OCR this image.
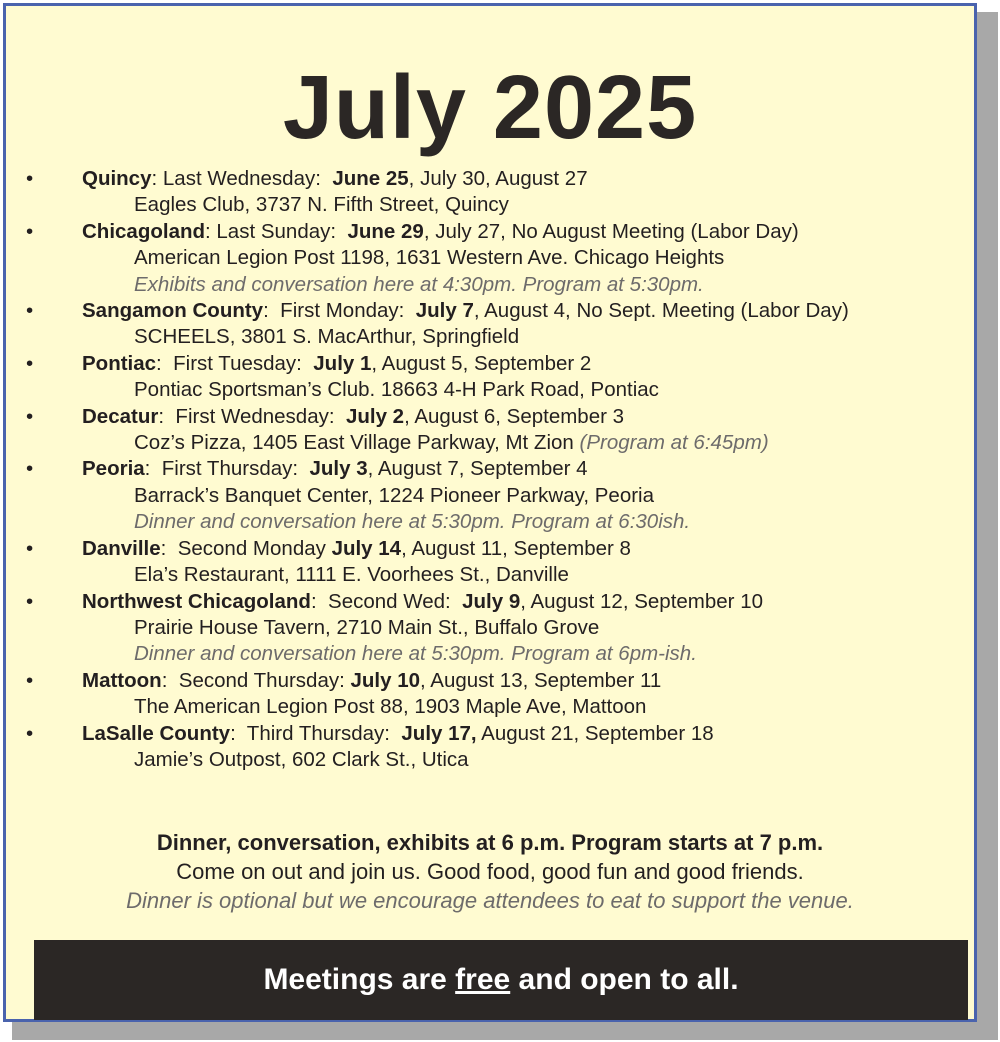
July 2025
• Quincy: Last Wednesday:  June 25, July 30, August 27
Eagles Club, 3737 N. Fifth Street, Quincy
• Chicagoland: Last Sunday:  June 29, July 27, No August Meeting (Labor Day)
American Legion Post 1198, 1631 Western Ave. Chicago Heights
Exhibits and conversation here at 4:30pm. Program at 5:30pm.
• Sangamon County:  First Monday:  July 7, August 4, No Sept. Meeting (Labor Day)
SCHEELS, 3801 S. MacArthur, Springfield
• Pontiac:  First Tuesday:  July 1, August 5, September 2
Pontiac Sportsman’s Club. 18663 4-H Park Road, Pontiac
• Decatur:  First Wednesday:  July 2, August 6, September 3
Coz’s Pizza, 1405 East Village Parkway, Mt Zion (Program at 6:45pm)
• Peoria:  First Thursday:  July 3, August 7, September 4
Barrack’s Banquet Center, 1224 Pioneer Parkway, Peoria
Dinner and conversation here at 5:30pm. Program at 6:30ish.
• Danville:  Second Monday July 14, August 11, September 8
Ela’s Restaurant, 1111 E. Voorhees St., Danville
• Northwest Chicagoland:  Second Wed:  July 9, August 12, September 10
Prairie House Tavern, 2710 Main St., Buffalo Grove
Dinner and conversation here at 5:30pm. Program at 6pm-ish.
• Mattoon:  Second Thursday: July 10, August 13, September 11
The American Legion Post 88, 1903 Maple Ave, Mattoon
• LaSalle County:  Third Thursday:  July 17, August 21, September 18
Jamie’s Outpost, 602 Clark St., Utica
Dinner, conversation, exhibits at 6 p.m. Program starts at 7 p.m.
Come on out and join us. Good food, good fun and good friends.
Dinner is optional but we encourage attendees to eat to support the venue.
Meetings are free and open to all.
